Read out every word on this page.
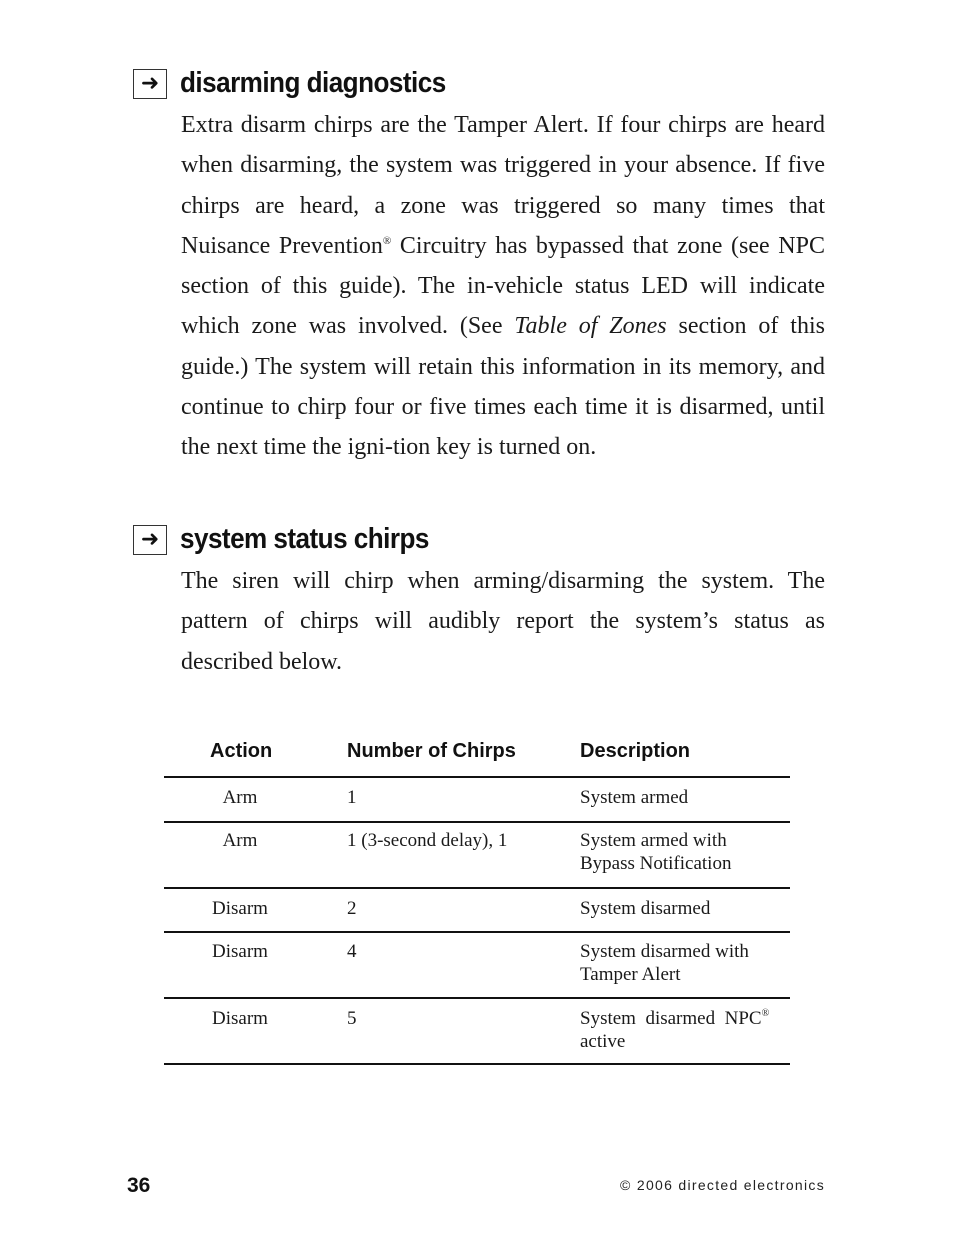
➜ disarming diagnostics

Extra disarm chirps are the Tamper Alert. If four chirps are heard when disarming, the system was triggered in your absence. If five chirps are heard, a zone was triggered so many times that Nuisance Prevention® Circuitry has bypassed that zone (see NPC section of this guide). The in-vehicle status LED will indicate which zone was involved. (See Table of Zones section of this guide.) The system will retain this information in its memory, and continue to chirp four or five times each time it is disarmed, until the next time the igni-tion key is turned on.

➜ system status chirps

The siren will chirp when arming/disarming the system. The pattern of chirps will audibly report the system’s status as described below.

Action	Number of Chirps	Description
Arm	1	System armed
Arm	1 (3-second delay), 1	System armed with
Bypass Notification
Disarm	2	System disarmed
Disarm	4	System disarmed with
Tamper Alert
Disarm	5	System  disarmed  NPC®
active
36	© 2006 directed electronics
